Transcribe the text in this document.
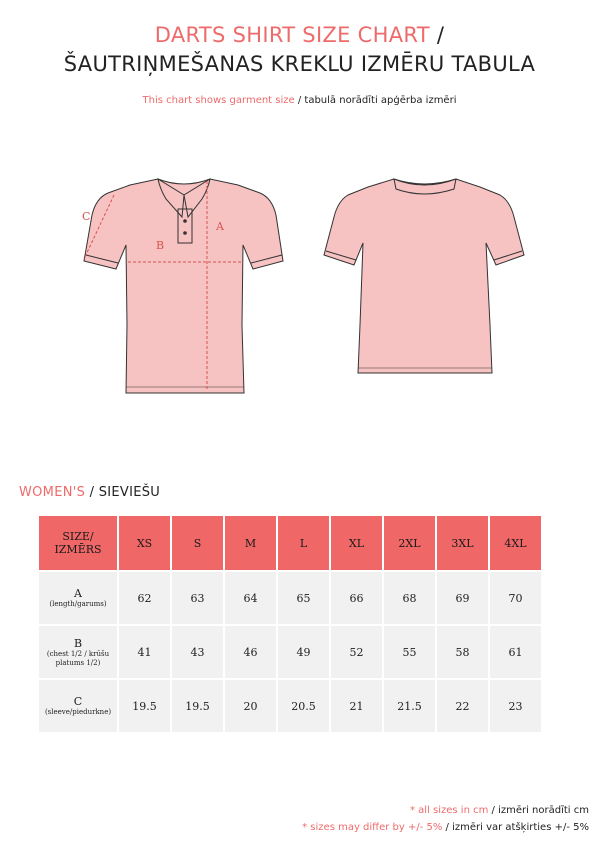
DARTS SHIRT SIZE CHART /
ŠAUTRIŅMEŠANAS KREKLU IZMĒRU TABULA
This chart shows garment size / tabulā norādīti apģērba izmēri
A
B
C
WOMEN'S / SIEVIEŠU
SIZE/
IZMĒRS	XS	S	M	L	XL	2XL	3XL	4XL

A
(length/garums)	62	63	64	65	66	68	69	70

B
(chest 1/2 / krūšu platums 1/2)	41	43	46	49	52	55	58	61

C
(sleeve/piedurkne)	19.5	19.5	20	20.5	21	21.5	22	23
* all sizes in cm / izmēri norādīti cm
* sizes may differ by +/- 5% / izmēri var atšķirties +/- 5%
